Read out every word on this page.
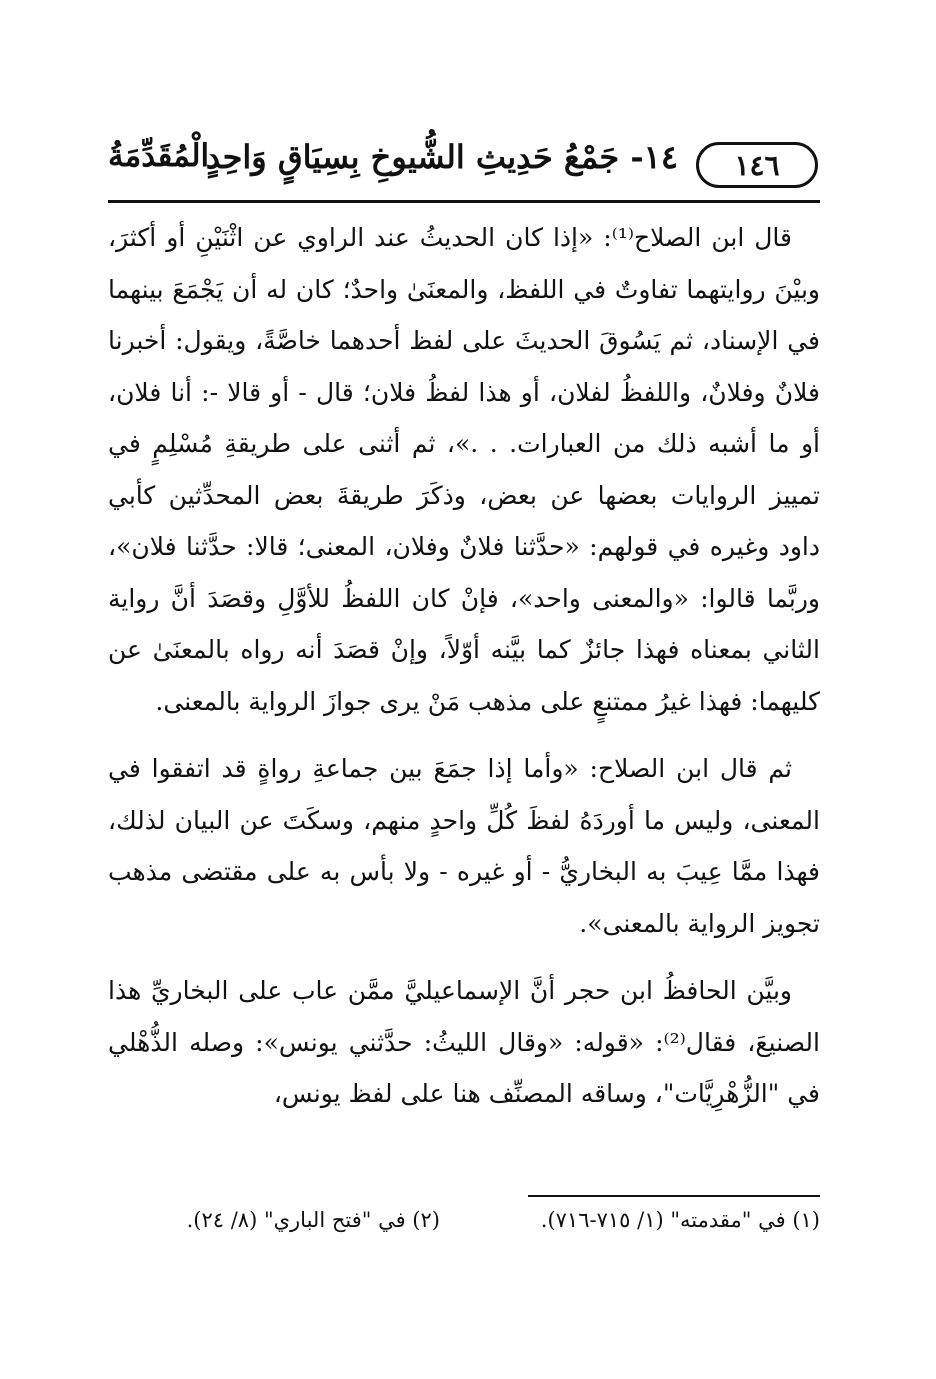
١٤٦
١٤- جَمْعُ حَدِيثِ الشُّيوخِ بِسِيَاقٍ وَاحِدٍ
الْمُقَدِّمَةُ

قال ابن الصلاح⁽¹⁾: «إذا كان الحديثُ عند الراوي عن اثْنَيْنِ أو أكثرَ، وبيْنَ روايتهما تفاوتٌ في اللفظ، والمعنَىٰ واحدٌ؛ كان له أن يَجْمَعَ بينهما في الإسناد، ثم يَسُوقَ الحديثَ على لفظ أحدهما خاصَّةً، ويقول: أخبرنا فلانٌ وفلانٌ، واللفظُ لفلان، أو هذا لفظُ فلان؛ قال - أو قالا -: أنا فلان، أو ما أشبه ذلك من العبارات. . .»، ثم أثنى على طريقةِ مُسْلِمٍ في تمييز الروايات بعضها عن بعض، وذكَرَ طريقةَ بعض المحدِّثين كأبي داود وغيره في قولهم: «حدَّثنا فلانٌ وفلان، المعنى؛ قالا: حدَّثنا فلان»، وربَّما قالوا: «والمعنى واحد»، فإنْ كان اللفظُ للأوَّلِ وقصَدَ أنَّ رواية الثاني بمعناه فهذا جائزٌ كما بيَّنه أوّلاً، وإنْ قصَدَ أنه رواه بالمعنَىٰ عن كليهما: فهذا غيرُ ممتنعٍ على مذهب مَنْ يرى جوازَ الرواية بالمعنى.

ثم قال ابن الصلاح: «وأما إذا جمَعَ بين جماعةِ رواةٍ قد اتفقوا في المعنى، وليس ما أوردَهُ لفظَ كُلِّ واحدٍ منهم، وسكَتَ عن البيان لذلك، فهذا ممَّا عِيبَ به البخاريُّ - أو غيره - ولا بأس به على مقتضى مذهب تجويز الرواية بالمعنى».

وبيَّن الحافظُ ابن حجر أنَّ الإسماعيليَّ ممَّن عاب على البخاريِّ هذا الصنيعَ، فقال⁽²⁾: «قوله: «وقال الليثُ: حدَّثني يونس»: وصله الذُّهْلي في "الزُّهْرِيَّات"، وساقه المصنِّف هنا على لفظ يونس،

(١) في "مقدمته" (١/ ٧١٥-٧١٦).
(٢) في "فتح الباري" (٨/ ٢٤).
